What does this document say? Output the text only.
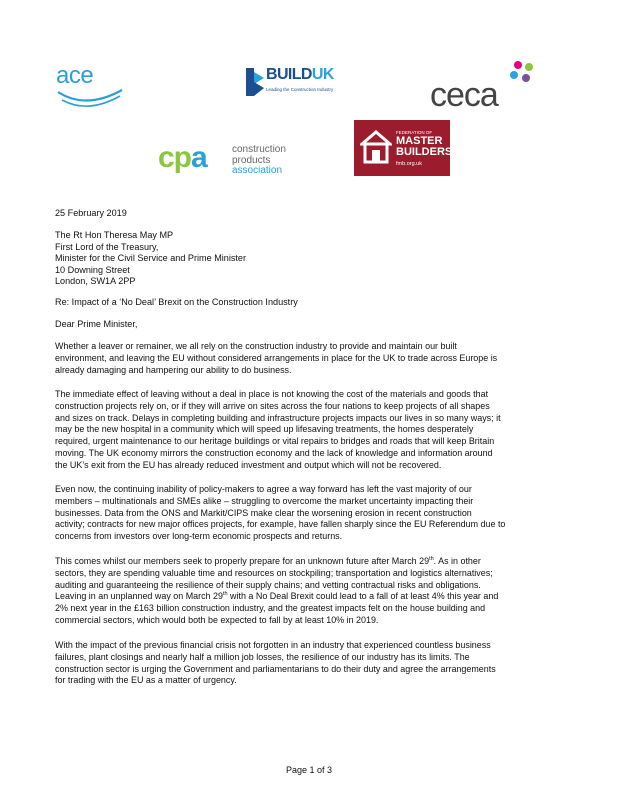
ace	BUILDUK
Leading the Construction Industry	ceca
cpa	construction
products
association
FEDERATION OF
MASTER
BUILDERS
fmb.org.uk
25 February 2019
The Rt Hon Theresa May MP
First Lord of the Treasury,
Minister for the Civil Service and Prime Minister
10 Downing Street
London, SW1A 2PP
Re: Impact of a ‘No Deal’ Brexit on the Construction Industry
Dear Prime Minister,
Whether a leaver or remainer, we all rely on the construction industry to provide and maintain our built
environment, and leaving the EU without considered arrangements in place for the UK to trade across Europe is
already damaging and hampering our ability to do business.
The immediate effect of leaving without a deal in place is not knowing the cost of the materials and goods that
construction projects rely on, or if they will arrive on sites across the four nations to keep projects of all shapes
and sizes on track. Delays in completing building and infrastructure projects impacts our lives in so many ways; it
may be the new hospital in a community which will speed up lifesaving treatments, the homes desperately
required, urgent maintenance to our heritage buildings or vital repairs to bridges and roads that will keep Britain
moving. The UK economy mirrors the construction economy and the lack of knowledge and information around
the UK’s exit from the EU has already reduced investment and output which will not be recovered.
Even now, the continuing inability of policy-makers to agree a way forward has left the vast majority of our
members – multinationals and SMEs alike – struggling to overcome the market uncertainty impacting their
businesses. Data from the ONS and Markit/CIPS make clear the worsening erosion in recent construction
activity; contracts for new major offices projects, for example, have fallen sharply since the EU Referendum due to
concerns from investors over long-term economic prospects and returns.
This comes whilst our members seek to properly prepare for an unknown future after March 29th. As in other
sectors, they are spending valuable time and resources on stockpiling; transportation and logistics alternatives;
auditing and guaranteeing the resilience of their supply chains; and vetting contractual risks and obligations.
Leaving in an unplanned way on March 29th with a No Deal Brexit could lead to a fall of at least 4% this year and
2% next year in the £163 billion construction industry, and the greatest impacts felt on the house building and
commercial sectors, which would both be expected to fall by at least 10% in 2019.
With the impact of the previous financial crisis not forgotten in an industry that experienced countless business
failures, plant closings and nearly half a million job losses, the resilience of our industry has its limits. The
construction sector is urging the Government and parliamentarians to do their duty and agree the arrangements
for trading with the EU as a matter of urgency.
Page 1 of 3
